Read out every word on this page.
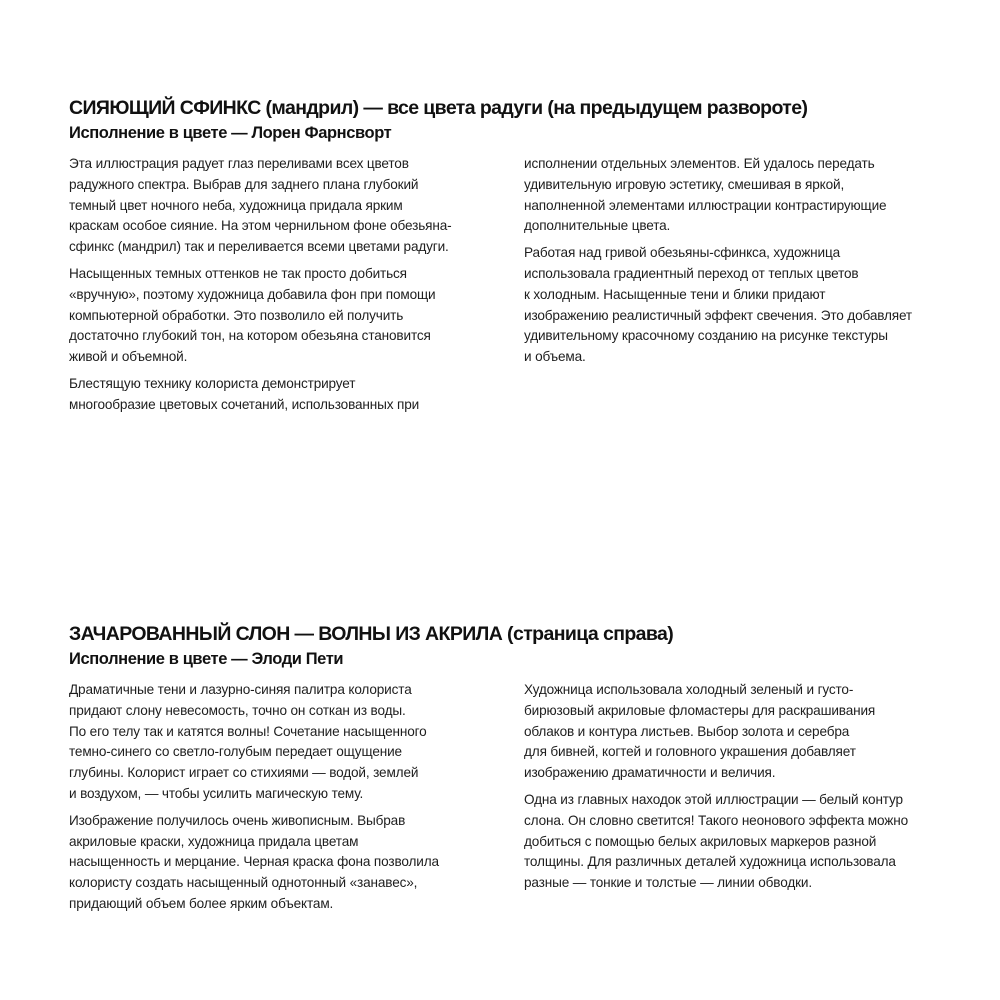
СИЯЮЩИЙ СФИНКС (мандрил) — все цвета радуги (на предыдущем развороте)
Исполнение в цвете — Лорен Фарнсворт

Эта иллюстрация радует глаз переливами всех цветов
радужного спектра. Выбрав для заднего плана глубокий
темный цвет ночного неба, художница придала ярким
краскам особое сияние. На этом чернильном фоне обезьяна-
сфинкс (мандрил) так и переливается всеми цветами радуги.

Насыщенных темных оттенков не так просто добиться
«вручную», поэтому художница добавила фон при помощи
компьютерной обработки. Это позволило ей получить
достаточно глубокий тон, на котором обезьяна становится
живой и объемной.

Блестящую технику колориста демонстрирует
многообразие цветовых сочетаний, использованных при

исполнении отдельных элементов. Ей удалось передать
удивительную игровую эстетику, смешивая в яркой,
наполненной элементами иллюстрации контрастирующие
дополнительные цвета.

Работая над гривой обезьяны-сфинкса, художница
использовала градиентный переход от теплых цветов
к холодным. Насыщенные тени и блики придают
изображению реалистичный эффект свечения. Это добавляет
удивительному красочному созданию на рисунке текстуры
и объема.

ЗАЧАРОВАННЫЙ СЛОН — ВОЛНЫ ИЗ АКРИЛА (страница справа)
Исполнение в цвете — Элоди Пети

Драматичные тени и лазурно-синяя палитра колориста
придают слону невесомость, точно он соткан из воды.
По его телу так и катятся волны! Сочетание насыщенного
темно-синего со светло-голубым передает ощущение
глубины. Колорист играет со стихиями — водой, землей
и воздухом, — чтобы усилить магическую тему.

Изображение получилось очень живописным. Выбрав
акриловые краски, художница придала цветам
насыщенность и мерцание. Черная краска фона позволила
колористу создать насыщенный однотонный «занавес»,
придающий объем более ярким объектам.

Художница использовала холодный зеленый и густо-
бирюзовый акриловые фломастеры для раскрашивания
облаков и контура листьев. Выбор золота и серебра
для бивней, когтей и головного украшения добавляет
изображению драматичности и величия.

Одна из главных находок этой иллюстрации — белый контур
слона. Он словно светится! Такого неонового эффекта можно
добиться с помощью белых акриловых маркеров разной
толщины. Для различных деталей художница использовала
разные — тонкие и толстые — линии обводки.
